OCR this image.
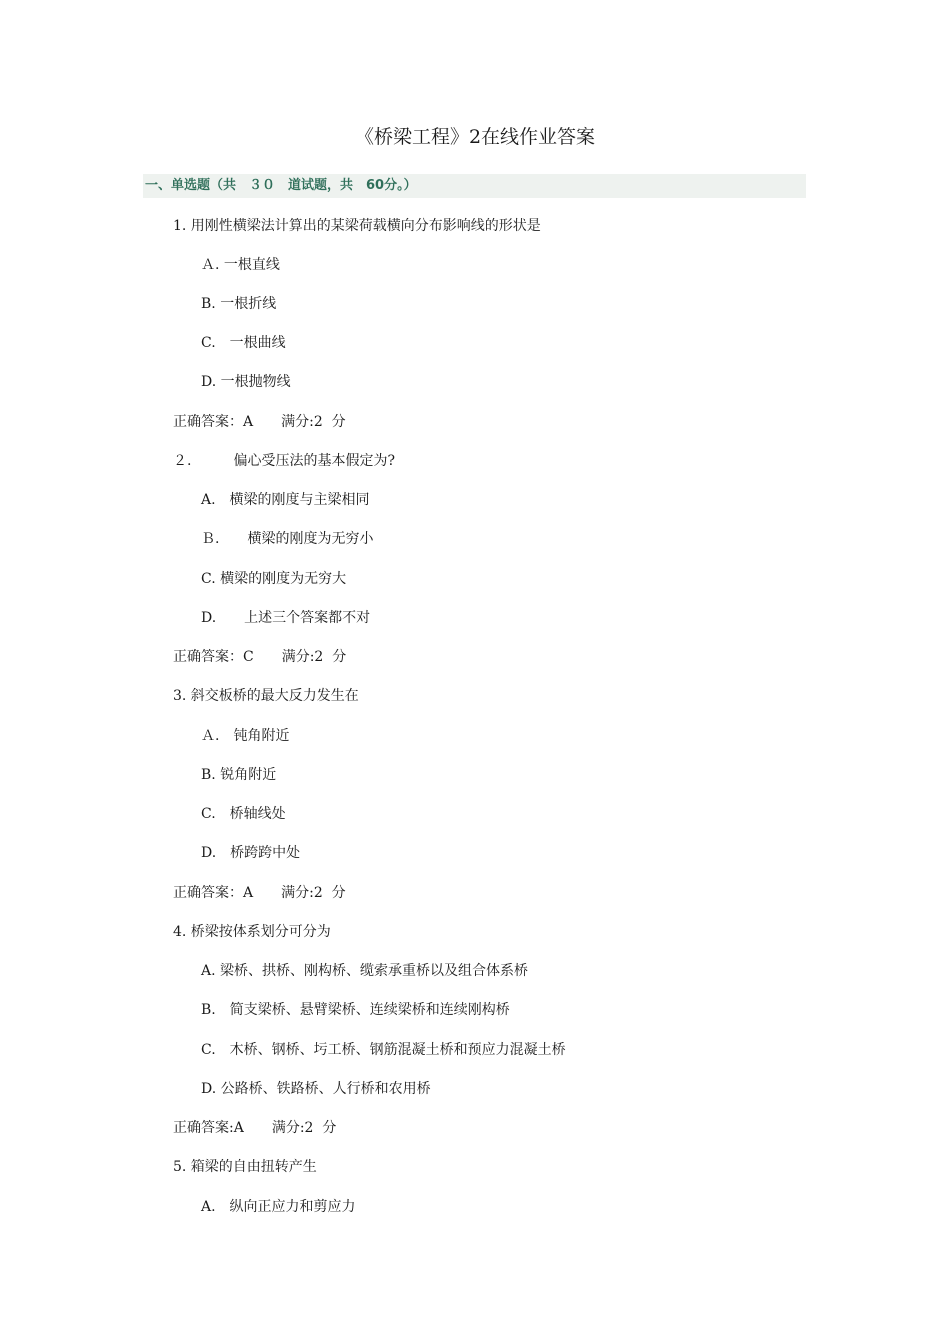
《桥梁工程》2在线作业答案
一、单选题（共　３０　道试题，共　60分。）
1. 用刚性横梁法计算出的某梁荷载横向分布影响线的形状是
Ａ. 一根直线
B. 一根折线
C.　一根曲线
D. 一根抛物线
正确答案：A　　满分:2  分
２.　　　偏心受压法的基本假定为?
A.　横梁的刚度与主梁相同
Ｂ.　　横梁的刚度为无穷小
C. 横梁的刚度为无穷大
D.　　上述三个答案都不对
正确答案：C　　满分:2  分
3. 斜交板桥的最大反力发生在
Ａ.　钝角附近
B. 锐角附近
C.　桥轴线处
D.　桥跨跨中处
正确答案：A　　满分:2  分
4. 桥梁按体系划分可分为
A. 梁桥、拱桥、刚构桥、缆索承重桥以及组合体系桥
B.　简支梁桥、悬臂梁桥、连续梁桥和连续刚构桥
C.　木桥、钢桥、圬工桥、钢筋混凝土桥和预应力混凝土桥
D. 公路桥、铁路桥、人行桥和农用桥
正确答案:A　　满分:2  分
5. 箱梁的自由扭转产生
A.　纵向正应力和剪应力
